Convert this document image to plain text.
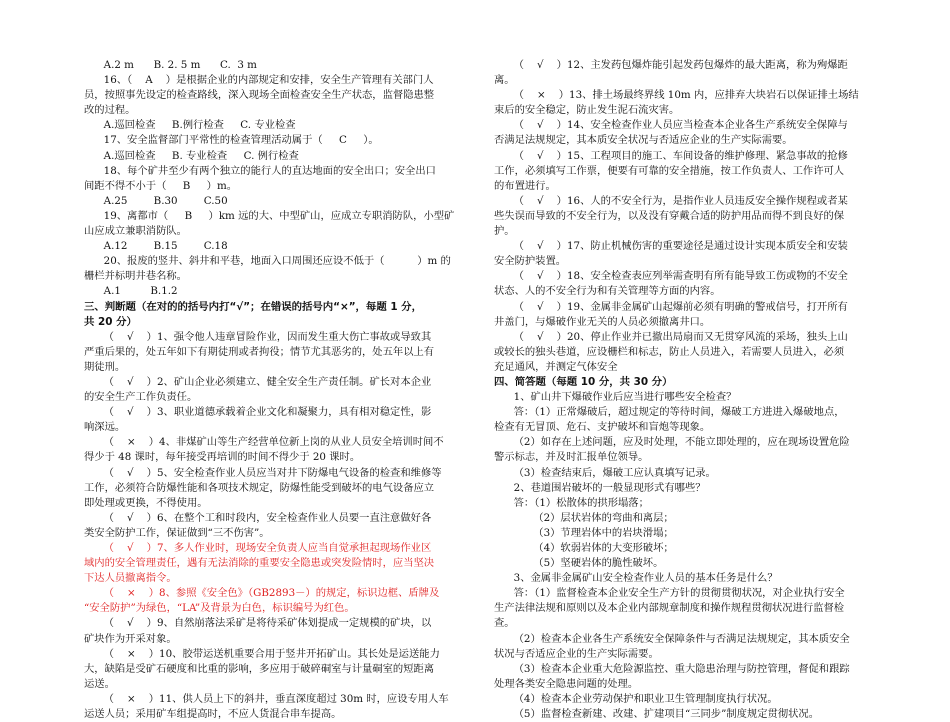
A.2 m      B. 2. 5 m      C.  3 m
16、（    A    ）是根据企业的内部规定和安排，安全生产管理有关部门人
员，按照事先设定的检查路线，深入现场全面检查安全生产状态，监督隐患整
改的过程。
A.巡回检查     B.例行检查     C. 专业检查
17、安全监督部门平常性的检查管理活动属于（     C     ）。
A.巡回检查     B. 专业检查     C. 例行检查
18、每个矿井至少有两个独立的能行人的直达地面的安全出口；安全出口
间距不得不小于（     B     ）m。
A.25        B.30        C.50
19、离都市（     B     ）km 远的大、中型矿山，应成立专职消防队，小型矿
山应成立兼职消防队。
A.12        B.15        C.18
20、报废的竖井、斜井和平巷，地面入口周围还应设不低于（          ）m 的
栅栏并标明井巷名称。
A.1         B.1.2
三、判断题（在对的的括号内打“√”；在错误的括号内“×”，每题 1 分，
共 20 分）
（    √    ）1、强令他人违章冒险作业，因而发生重大伤亡事故或导致其
严重后果的，处五年如下有期徒刑或者拘役；情节尤其恶劣的，处五年以上有
期徒刑。
（    √    ）2、矿山企业必须建立、健全安全生产责任制。矿长对本企业
的安全生产工作负责任。
（    √    ）3、职业道德承载着企业文化和凝聚力，具有相对稳定性，影
响深远。
（    ×    ）4、非煤矿山等生产经营单位新上岗的从业人员安全培训时间不
得少于 48 课时，每年接受再培训的时间不得少于 20 课时。
（    √    ）5、安全检查作业人员应当对井下防爆电气设备的检查和维修等
工作，必须符合防爆性能和各项技术规定，防爆性能受到破坏的电气设备应立
即处理或更换，不得使用。
（    √    ）6、在整个工和时段内，安全检查作业人员要一直注意做好各
类安全防护工作，保证做到“三不伤害”。
（    √    ）7、多人作业时，现场安全负责人应当自觉承担起现场作业区
域内的安全管理责任，遇有无法消除的重要安全隐患或突发险情时，应当坚决
下达人员撤离指令。
（    ×    ）8、参照《安全色》（GB2893－）的规定，标识边框、盾牌及
“安全防护”为绿色，“LA”及背景为白色，标识编号为红色。
（    √    ）9、自然崩落法采矿是将待采矿体划提成一定规模的矿块，以
矿块作为开采对象。
（    ×    ）10、胶带运送机重要合用于竖井开拓矿山。其长处是运送能力
大，缺陷是受矿石硬度和比重的影响，多应用于破碎硐室与计量硐室的短距离
运送。
（    ×    ）11、供人员上下的斜井，垂直深度超过 30m 时，应设专用人车
运送人员；采用矿车组提高时，不应人货混合串车提高。
（    √    ）12、主发药包爆炸能引起发药包爆炸的最大距离，称为殉爆距
离。
（    ×    ）13、排土场最终界线 10m 内，应排弃大块岩石以保证排土场结
束后的安全稳定，防止发生泥石流灾害。
（    √    ）14、安全检查作业人员应当检查本企业各生产系统安全保障与
否满足法规规定，其本质安全状况与否适应企业的生产实际需要。
（    √    ）15、工程项目的施工、车间设备的维护修理、紧急事故的抢修
工作，必须填写工作票，便要有可靠的安全措施，按工作负责人、工作许可人
的布置进行。
（    √    ）16、人的不安全行为，是指作业人员违反安全操作规程或者某
些失误而导致的不安全行为，以及没有穿戴合适的防护用品而得不到良好的保
护。
（    √    ）17、防止机械伤害的重要途径是通过设计实现本质安全和安装
安全防护装置。
（    √    ）18、安全检查表应列举需查明有所有能导致工伤或物的不安全
状态、人的不安全行为和有关管理等方面的内容。
（    √    ）19、金属非金属矿山起爆前必须有明确的警戒信号，打开所有
井盖门，与爆破作业无关的人员必须撤离井口。
（    √    ）20、停止作业并已撤出局扇而又无贯穿风流的采场，独头上山
或较长的独头巷道，应设栅栏和标志，防止人员进入，若需要人员进入，必须
充足通风，并测定气体安全
四、简答题（每题 10 分，共 30 分）
1、矿山井下爆破作业后应当进行哪些安全检查？
答：（1）正常爆破后，超过规定的等待时间，爆破工方进进入爆破地点，
检查有无冒顶、危石、支护破坏和盲炮等现象。
（2）如存在上述问题，应及时处理，不能立即处理的，应在现场设置危险
警示标志，并及时汇报单位领导。
（3）检查结束后，爆破工应认真填写记录。
2、巷道围岩破坏的一般显现形式有哪些？
答：（1）松散体的拱形塌落；
（2）层状岩体的弯曲和离层；
（3）节理岩体中的岩块滑塌；
（4）软弱岩体的大变形破坏；
（5）坚硬岩体的脆性破坏。
3、金属非金属矿山安全检查作业人员的基本任务是什么？
答：（1）监督检查本企业安全生产方针的贯彻贯彻状况，对企业执行安全
生产法律法规和原则以及本企业内部规章制度和操作规程贯彻状况进行监督检
查。
（2）检查本企业各生产系统安全保障条件与否满足法规规定，其本质安全
状况与否适应企业的生产实际需要。
（3）检查本企业重大危险源监控、重大隐患治理与防控管理，督促和跟踪
处理各类安全隐患问题的处理。
（4）检查本企业劳动保护和职业卫生管理制度执行状况。
（5）监督检查新建、改建、扩建项目“三同步”制度规定贯彻状况。
